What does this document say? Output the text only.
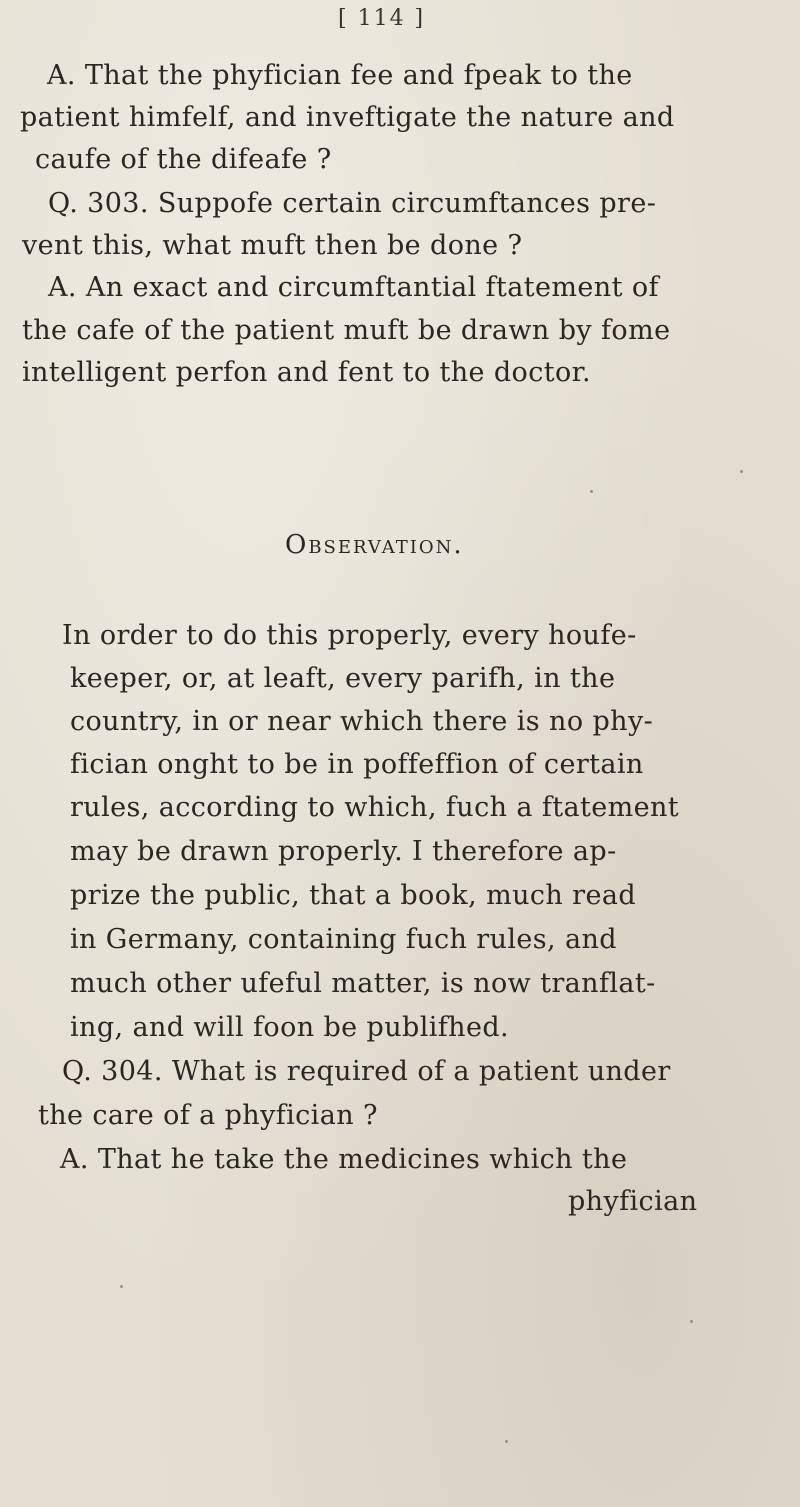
[ 114 ]
A. That the phyfician fee and fpeak to the
patient himfelf, and inveftigate the nature and
caufe of the difeafe ?
Q. 303. Suppofe certain circumftances pre-
vent this, what muft then be done ?
A. An exact and circumftantial ftatement of
the cafe of the patient muft be drawn by fome
intelligent perfon and fent to the doctor.
Observation.
In order to do this properly, every houfe-
keeper, or, at leaft, every parifh, in the
country, in or near which there is no phy-
fician onght to be in poffeffion of certain
rules, according to which, fuch a ftatement
may be drawn properly. I therefore ap-
prize the public, that a book, much read
in Germany, containing fuch rules, and
much other ufeful matter, is now tranflat-
ing, and will foon be publifhed.
Q. 304. What is required of a patient under
the care of a phyfician ?
A. That he take the medicines which the
phyfician
